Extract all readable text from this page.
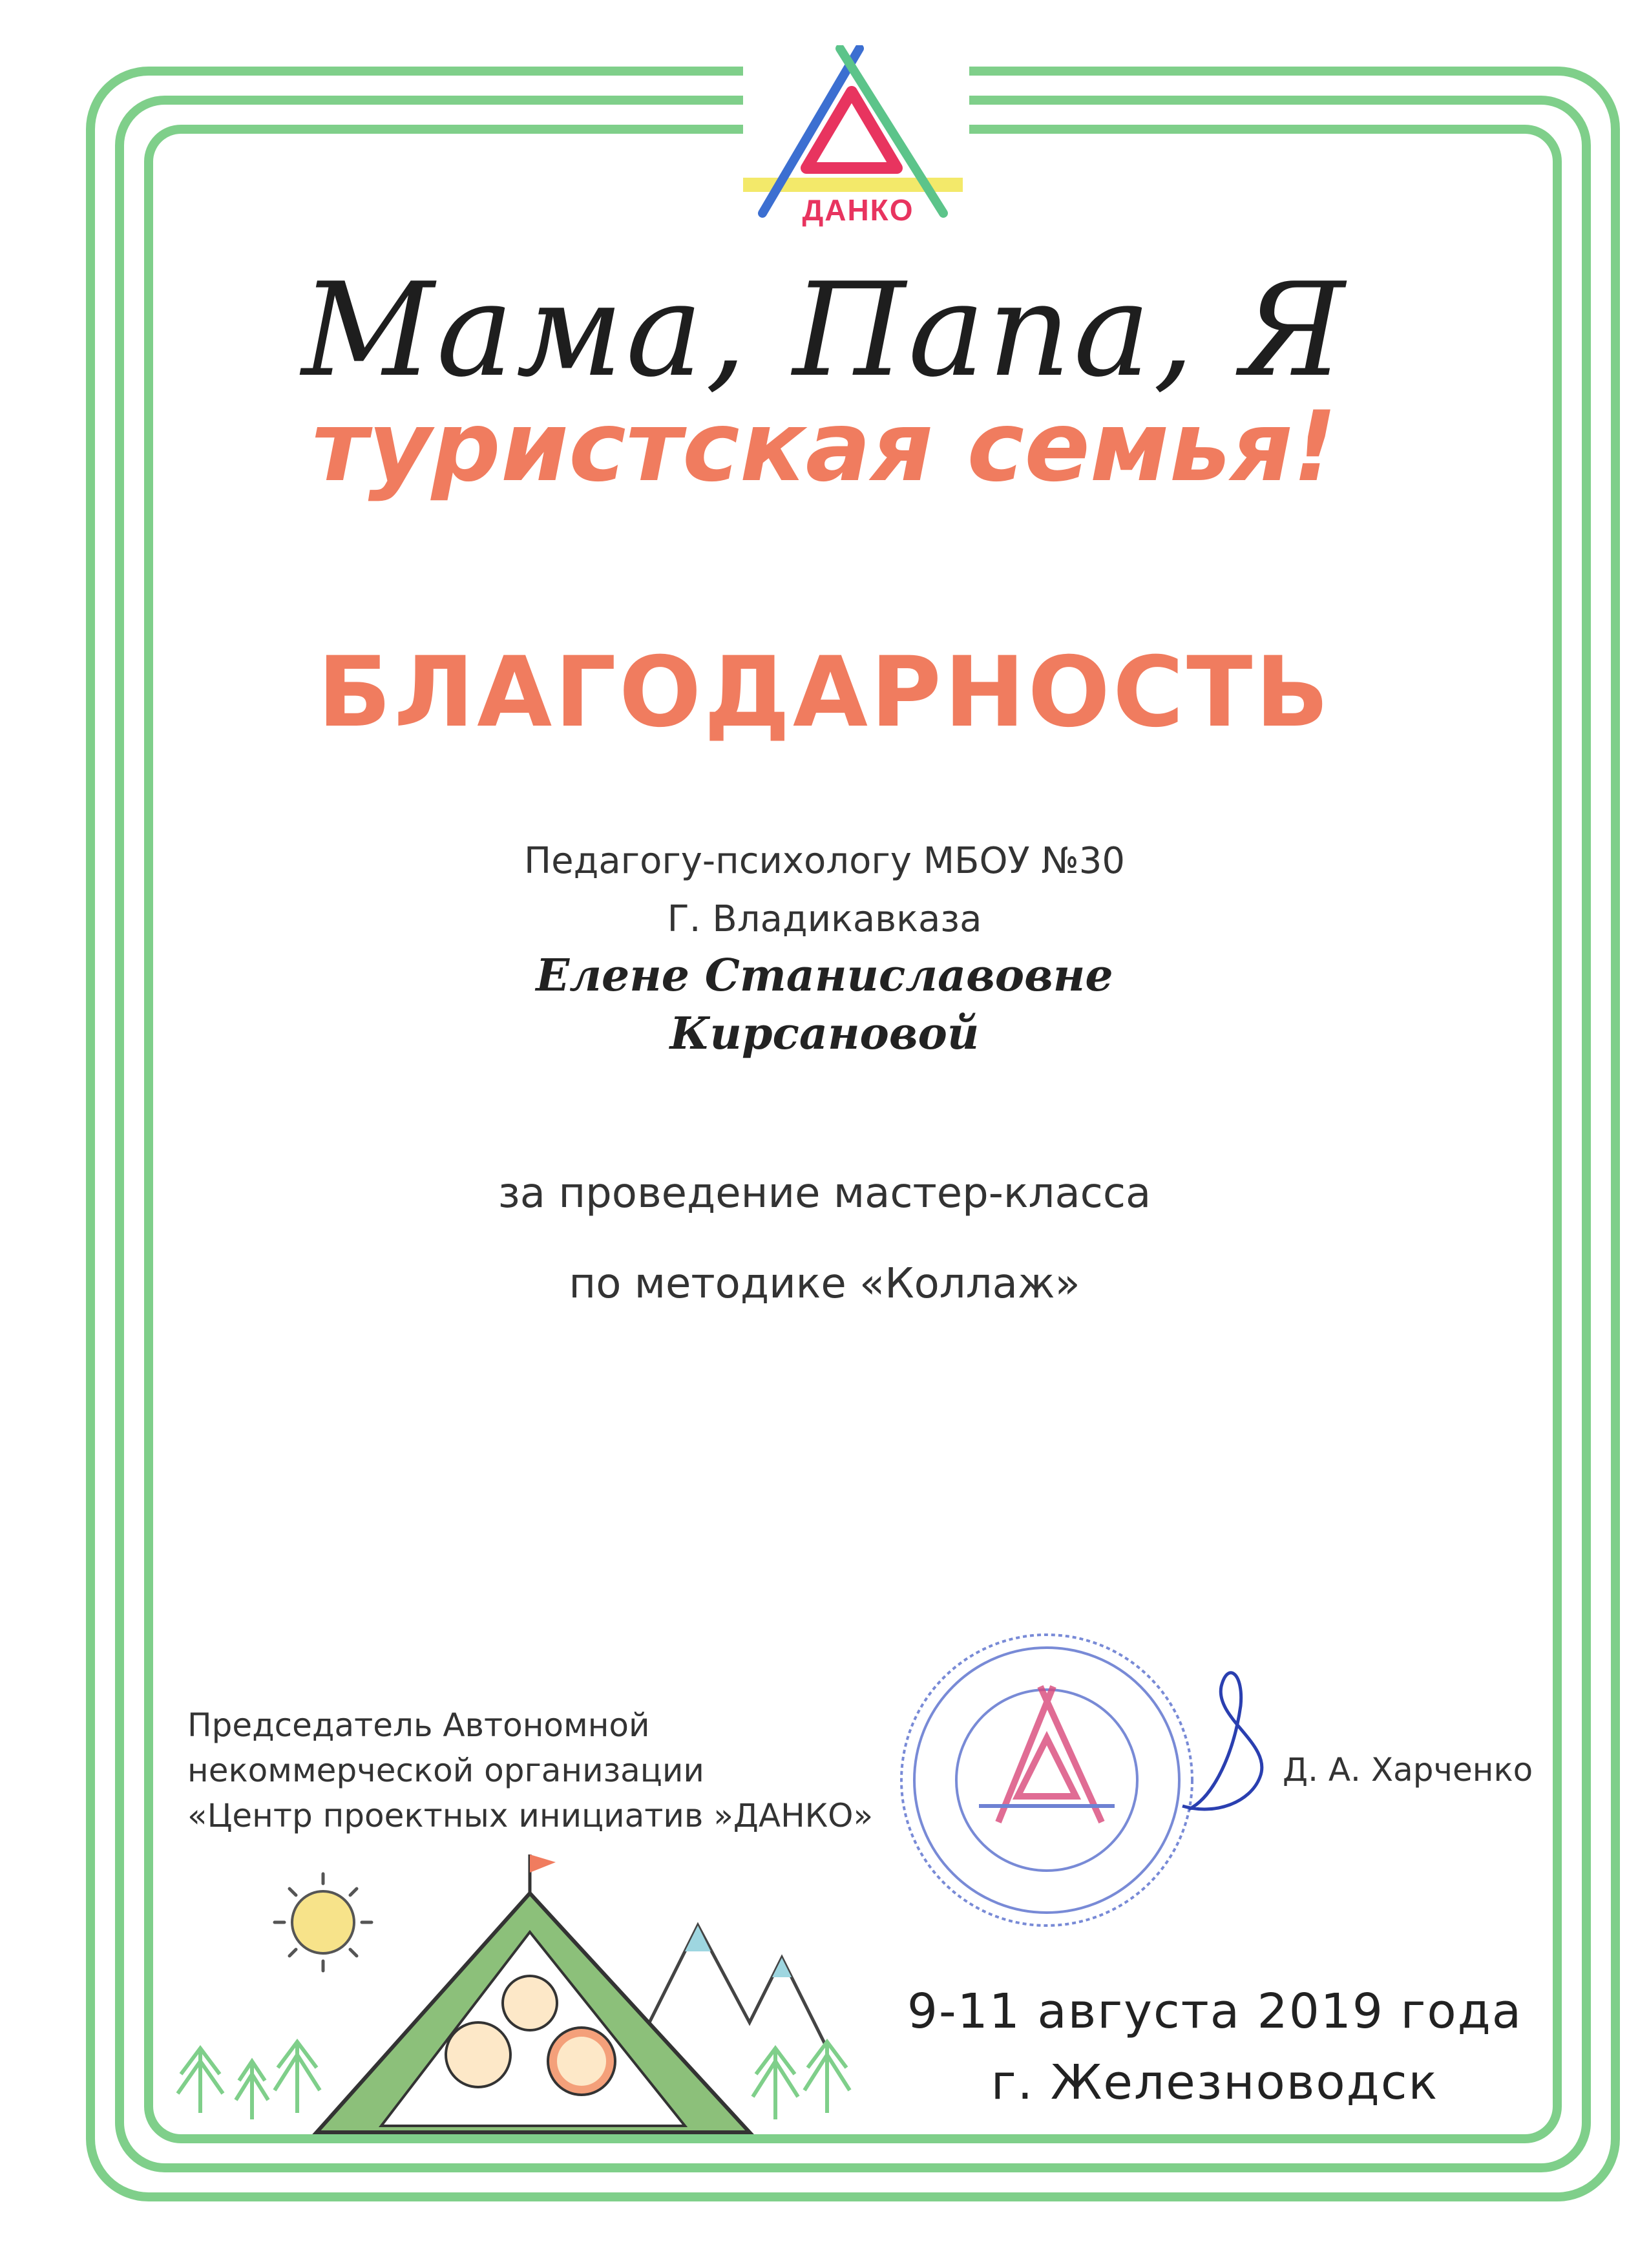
ДАНКО
Мама, Папа, Я
туристская семья!
БЛАГОДАРНОСТЬ
Педагогу-психологу МБОУ №30
Г. Владикавказа
Елене Станиславовне
Кирсановой
за проведение мастер-класса
по методике «Коллаж»
Председатель Автономной
некоммерческой организации
«Центр проектных инициатив »ДАНКО»
Д. А. Харченко
9-11 августа 2019 года
г. Железноводск
